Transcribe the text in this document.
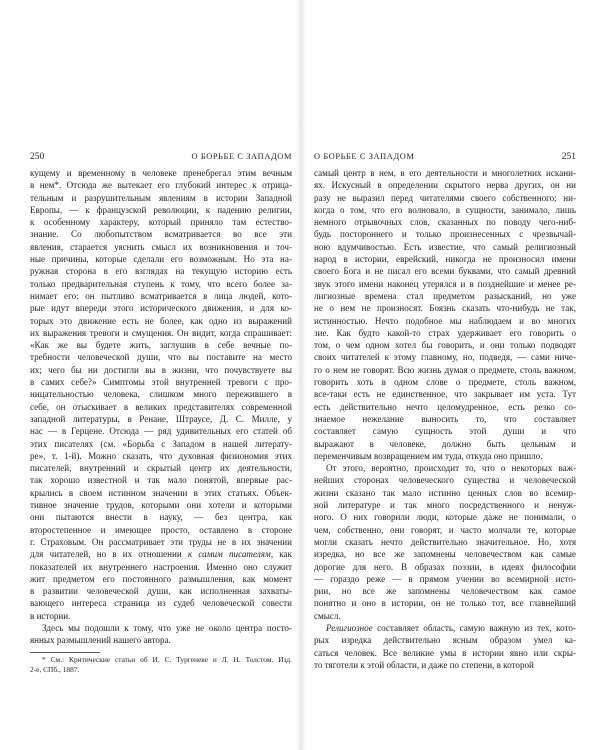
250	О БОРЬБЕ С ЗАПАДОМ
кущему и временному в человеке пренебрегал этим вечным
в нем*. Отсюда же вытекает его глубокий интерес к отрица-
тельным и разрушительным явлениям в истории Западной
Европы, — к французской революции, к падению религии,
к особенному характеру, который приняло там естество-
знание. Со любопытством всматривается во все эти
явления, старается уяснить смысл их возникновения и точ-
ные причины, которые сделали его возможным. Но эта на-
ружная сторона в его взглядах на текущую историю есть
только предварительная ступень к тому, что всего более за-
нимает его: он пытливо всматривается в лица людей, кото-
рые идут впереди этого исторического движения, и для ко-
торых это движение есть не более, как одно из выражений
их выражения тревоги и смущения. Он видит, когда спрашивает:
«Как же вы будете жить, заглушив в себе вечные по-
требности человеческой души, что вы поставите на место
их; чего бы ни достигли вы в жизни, что почувствуете вы
в самих себе?» Симптомы этой внутренней тревоги с про-
ницательностью человека, слишком много пережившего в
себе, он отыскивает в великих представителях современной
западной литературы, в Ренане, Штраусе, Д. С. Милле, у
нас — в Герцене. Отсюда — ряд удивительных его статей об
этих писателях (см. «Борьба с Западом в нашей литерату-
ре», т. 1-й). Можно сказать, что духовная физиономия этих
писателей, внутренний и скрытый центр их деятельности,
так хорошо известной и так мало понятой, впервые рас-
крылись в своем истинном значении в этих статьях. Объек-
тивное значение трудов, которыми они хотели и которыми
они пытаются внести в науку, — без центра, как
второстепенное и имеющее просто, оставлено в стороне
г. Страховым. Он рассматривает эти труды не в их значении
для читателей, но в их отношении к самим писателям, как
показателей их внутреннего настроения. Именно оно служит
жит предметом его постоянного размышления, как момент
в развитии человеческой души, как исполненная захваты-
вающего интереса страница из судеб человеческой совести
в истории.
Здесь мы подошли к тому, что уже не около центра посто-
янных размышлений нашего автора.
* См.: Критические статьи об И. С. Тургеневе и Л. Н. Толстом. Изд.
2-е, СПб., 1887.
О БОРЬБЕ С ЗАПАДОМ	251
самый центр в нем, в его деятельности и многолетних искани-
ях. Искусный в определении скрытого нерва других, он ни
разу не выразил перед читателями своего собственного; ни-
когда о том, что его волновало, в сущности, занимало, лишь
немного отрывочных слов, сказанных по поводу чего-ниб-
будь постороннего и только произнесенных с чрезвычай-
ною вдумчивостью. Есть известие, что самый религиозный
народ в истории, еврейский, никогда не произносил имени
своего Бога и не писал его всеми буквами, что самый древний
звук этого имени наконец утерялся и в позднейшие и менее ре-
лигиозные времена стал предметом разысканий, но уже
не о нем не произносят. Боязнь сказать что-нибудь не так,
истинностью. Нечто подобное мы наблюдаем и во многих
зие. Как будто какой-то страх удерживает его говорить о
том, о чем одном хотел бы говорить, и они только подводят
своих читателей к этому главному, но, подведя, — сами ниче-
го о нем не говорят. Всю жизнь думая о предмете, столь важном,
говорить хоть в одном слове о предмете, столь важном,
все-таки есть не единственное, что закрывает им уста. Тут
есть действительно нечто целомудренное, есть резко со-
знаемое нежелание выносить то, что составляет
составляет самую сущность этой души и что
выражают в человеке, должно быть цельным и
переменчивым возвращением им туда, откуда оно пришло.
От этого, вероятно, происходит то, что о некоторых важ-
нейших сторонах человеческого существа и человеческой
жизни сказано так мало истинно ценных слов во всемир-
ной литературе и так много посредственного и ненуж-
ного. О них говорили люди, которые даже не понимали, о
чем, собственно, они говорят, и часто молчали те, которые
могли сказать нечто действительно значительное. Но, хотя
изредка, но все же запомнены человечеством как самые
дорогие для него. В образах поэзии, в идеях философии
— гораздо реже — в прямом учении во всемирной исто-
рии, но все же запомнены человечеством как самое
понятно и оно в истории, он не только тот, все главнейший
смысл.
Религиозное составляет область, самую важную из тех, кото-
рых изредка действительно ясным образом умел ка-
саться человек. Все великие умы в истории явно или скры-
то тяготели к этой области, и даже по степени, в которой
